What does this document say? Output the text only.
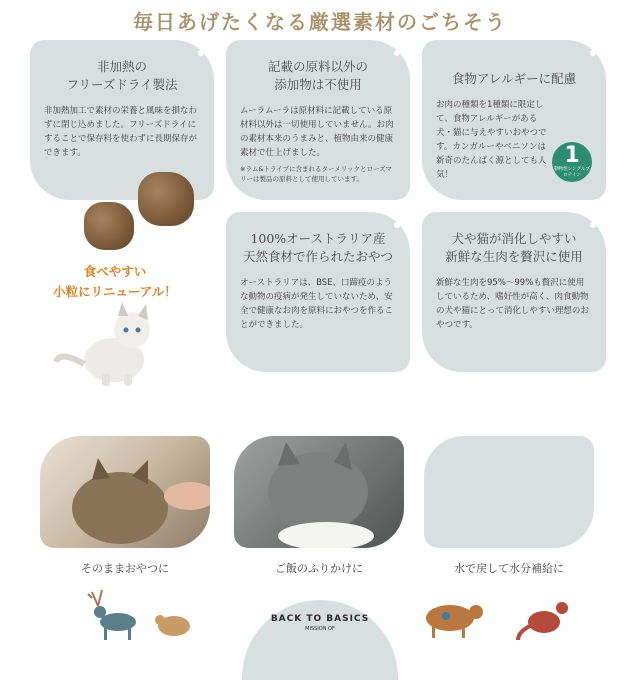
毎日あげたくなる厳選素材のごちそう
非加熱の
フリーズドライ製法

非加熱加工で素材の栄養と風味を損なわずに閉じ込めました。フリーズドライにすることで保存料を使わずに長期保存ができます。

記載の原料以外の
添加物は不使用

ムーラムーラは原材料に記載している原材料以外は一切使用していません。お肉の素材本来のうまみと、植物由来の健康素材で仕上げました。

※ラム&トライプに含まれるターメリックとローズマリーは製品の原料として使用しています。

食物アレルギーに配慮

お肉の種類を1種類に限定して、食物アレルギーがある犬・猫に与えやすいおやつです。カンガルーやベニソンは新奇のたんぱく源としても人気！

1
動物性シングルプロテイン
食べやすい
小粒にリニューアル！
100%オーストラリア産
天然食材で作られたおやつ

オーストラリアは、BSE、口蹄疫のような動物の疫病が発生していないため、安全で健康なお肉を原料におやつを作ることができました。

犬や猫が消化しやすい
新鮮な生肉を贅沢に使用

新鮮な生肉を95%〜99%も贅沢に使用しているため、嗜好性が高く、肉食動物の犬や猫にとって消化しやすい理想のおやつです。

そのままおやつに	ご飯のふりかけに	水で戻して水分補給に
BACK TO BASICS
MISSION OF
